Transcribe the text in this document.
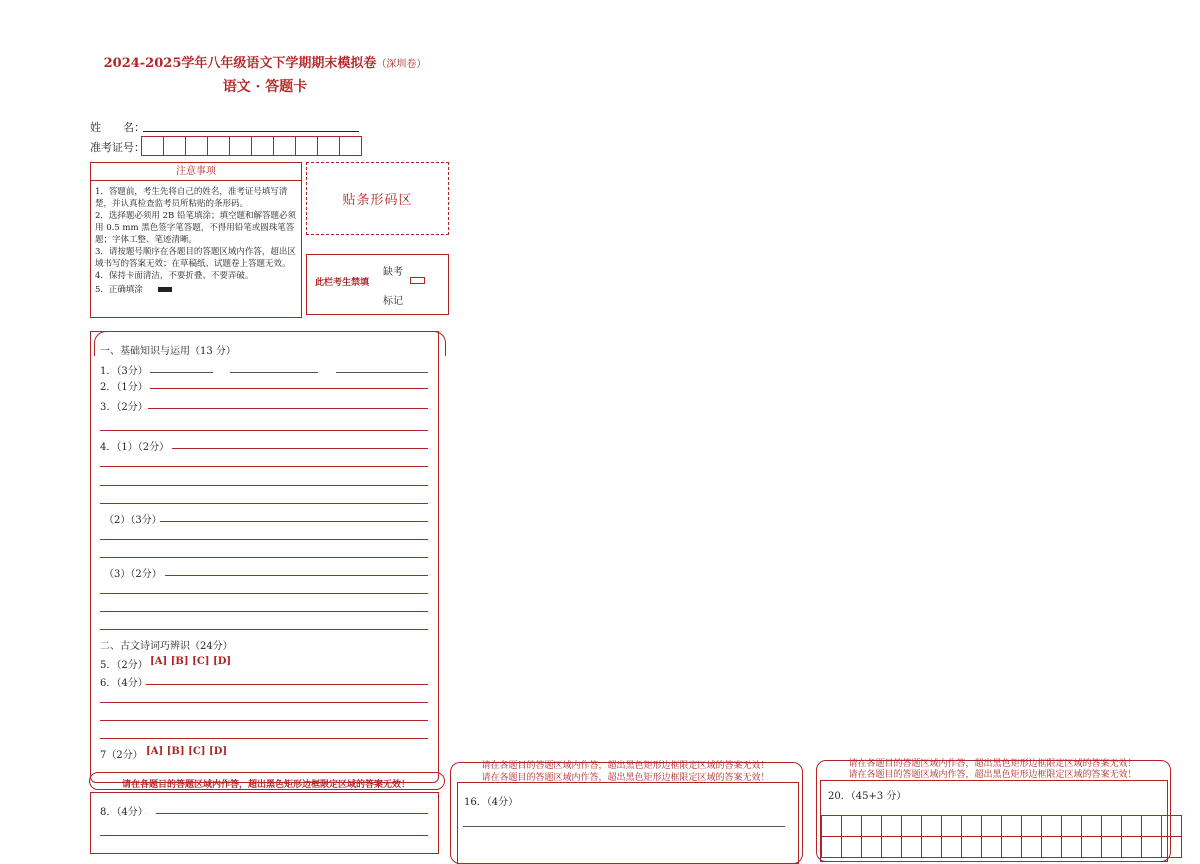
2024-2025学年八年级语文下学期期末模拟卷（深圳卷）
语文 · 答题卡
姓　　名：
准考证号：
注意事项
1．答题前，考生先将自己的姓名，准考证号填写清楚，并认真检查监考员所粘贴的条形码。
2．选择题必须用 2B 铅笔填涂；填空题和解答题必须用 0.5 mm 黑色签字笔答题，不得用铅笔或圆珠笔答题；字体工整、笔迹清晰。
3．请按题号顺序在各题目的答题区域内作答，超出区域书写的答案无效；在草稿纸、试题卷上答题无效。
4．保持卡面清洁，不要折叠、不要弄破。
5．正确填涂
贴条形码区
此栏考生禁填
缺考
标记
一、基础知识与运用（13 分）
1．（3分）
2．（1分）
3．（2分）
4．（1）（2分）
（2）（3分）
（3）（2分）
二、古文诗词巧辨识（24分）
5．（2分） [A] [B] [C] [D]
6．（4分）
7（2分） [A] [B] [C] [D]
请在各题目的答题区域内作答，超出黑色矩形边框限定区域的答案无效！
8．（4分）
请在各题目的答题区域内作答，超出黑色矩形边框限定区域的答案无效！
请在各题目的答题区域内作答，超出黑色矩形边框限定区域的答案无效！
16．（4分）
请在各题目的答题区域内作答，超出黑色矩形边框限定区域的答案无效！
请在各题目的答题区域内作答，超出黑色矩形边框限定区域的答案无效！
20．（45+3 分）
